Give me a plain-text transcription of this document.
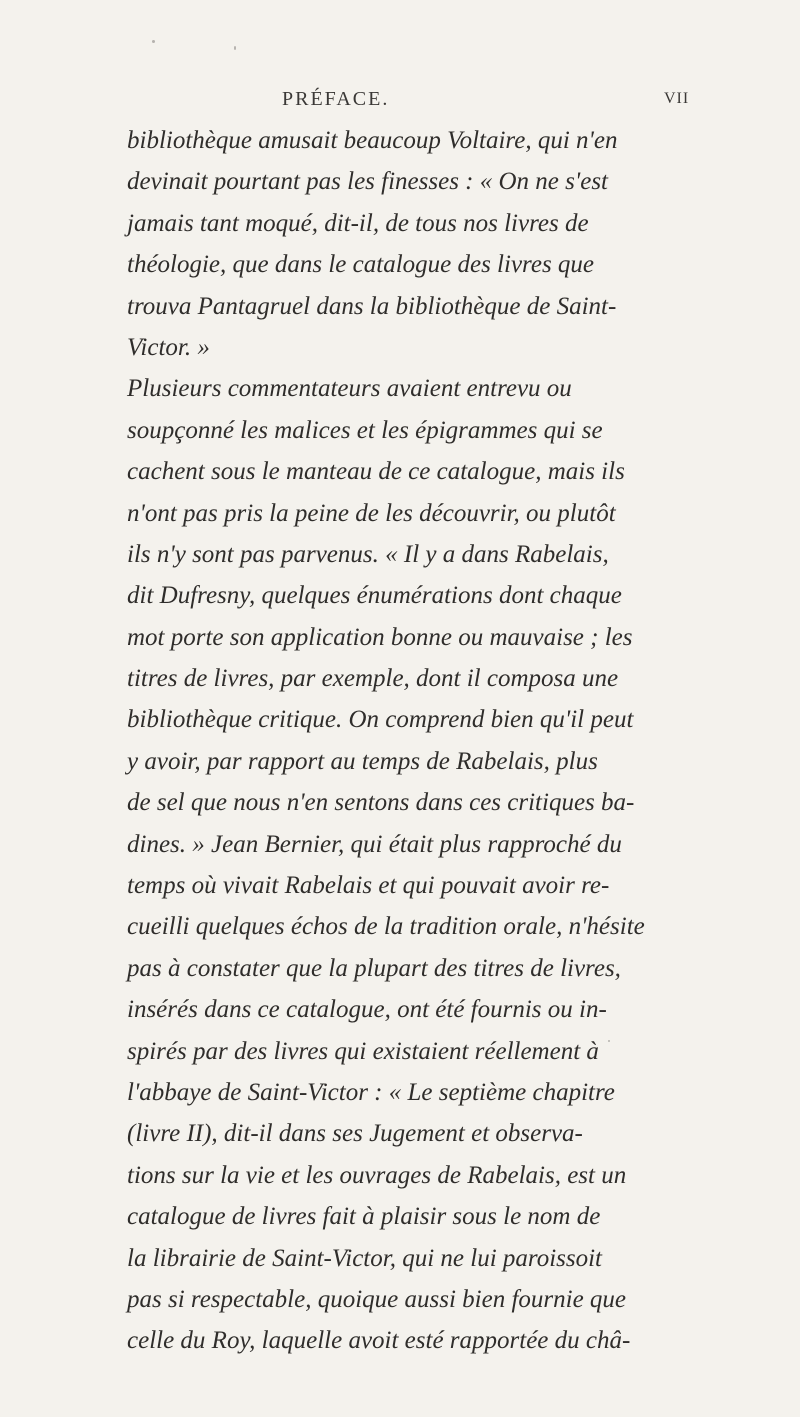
PRÉFACE.	VII
bibliothèque amusait beaucoup Voltaire, qui n'en
devinait pourtant pas les finesses : « On ne s'est
jamais tant moqué, dit-il, de tous nos livres de
théologie, que dans le catalogue des livres que
trouva Pantagruel dans la bibliothèque de Saint-
Victor. »
Plusieurs commentateurs avaient entrevu ou
soupçonné les malices et les épigrammes qui se
cachent sous le manteau de ce catalogue, mais ils
n'ont pas pris la peine de les découvrir, ou plutôt
ils n'y sont pas parvenus. « Il y a dans Rabelais,
dit Dufresny, quelques énumérations dont chaque
mot porte son application bonne ou mauvaise ; les
titres de livres, par exemple, dont il composa une
bibliothèque critique. On comprend bien qu'il peut
y avoir, par rapport au temps de Rabelais, plus
de sel que nous n'en sentons dans ces critiques ba-
dines. » Jean Bernier, qui était plus rapproché du
temps où vivait Rabelais et qui pouvait avoir re-
cueilli quelques échos de la tradition orale, n'hésite
pas à constater que la plupart des titres de livres,
insérés dans ce catalogue, ont été fournis ou in-
spirés par des livres qui existaient réellement à
l'abbaye de Saint-Victor : « Le septième chapitre
(livre II), dit-il dans ses Jugement et observa-
tions sur la vie et les ouvrages de Rabelais, est un
catalogue de livres fait à plaisir sous le nom de
la librairie de Saint-Victor, qui ne lui paroissoit
pas si respectable, quoique aussi bien fournie que
celle du Roy, laquelle avoit esté rapportée du châ-
